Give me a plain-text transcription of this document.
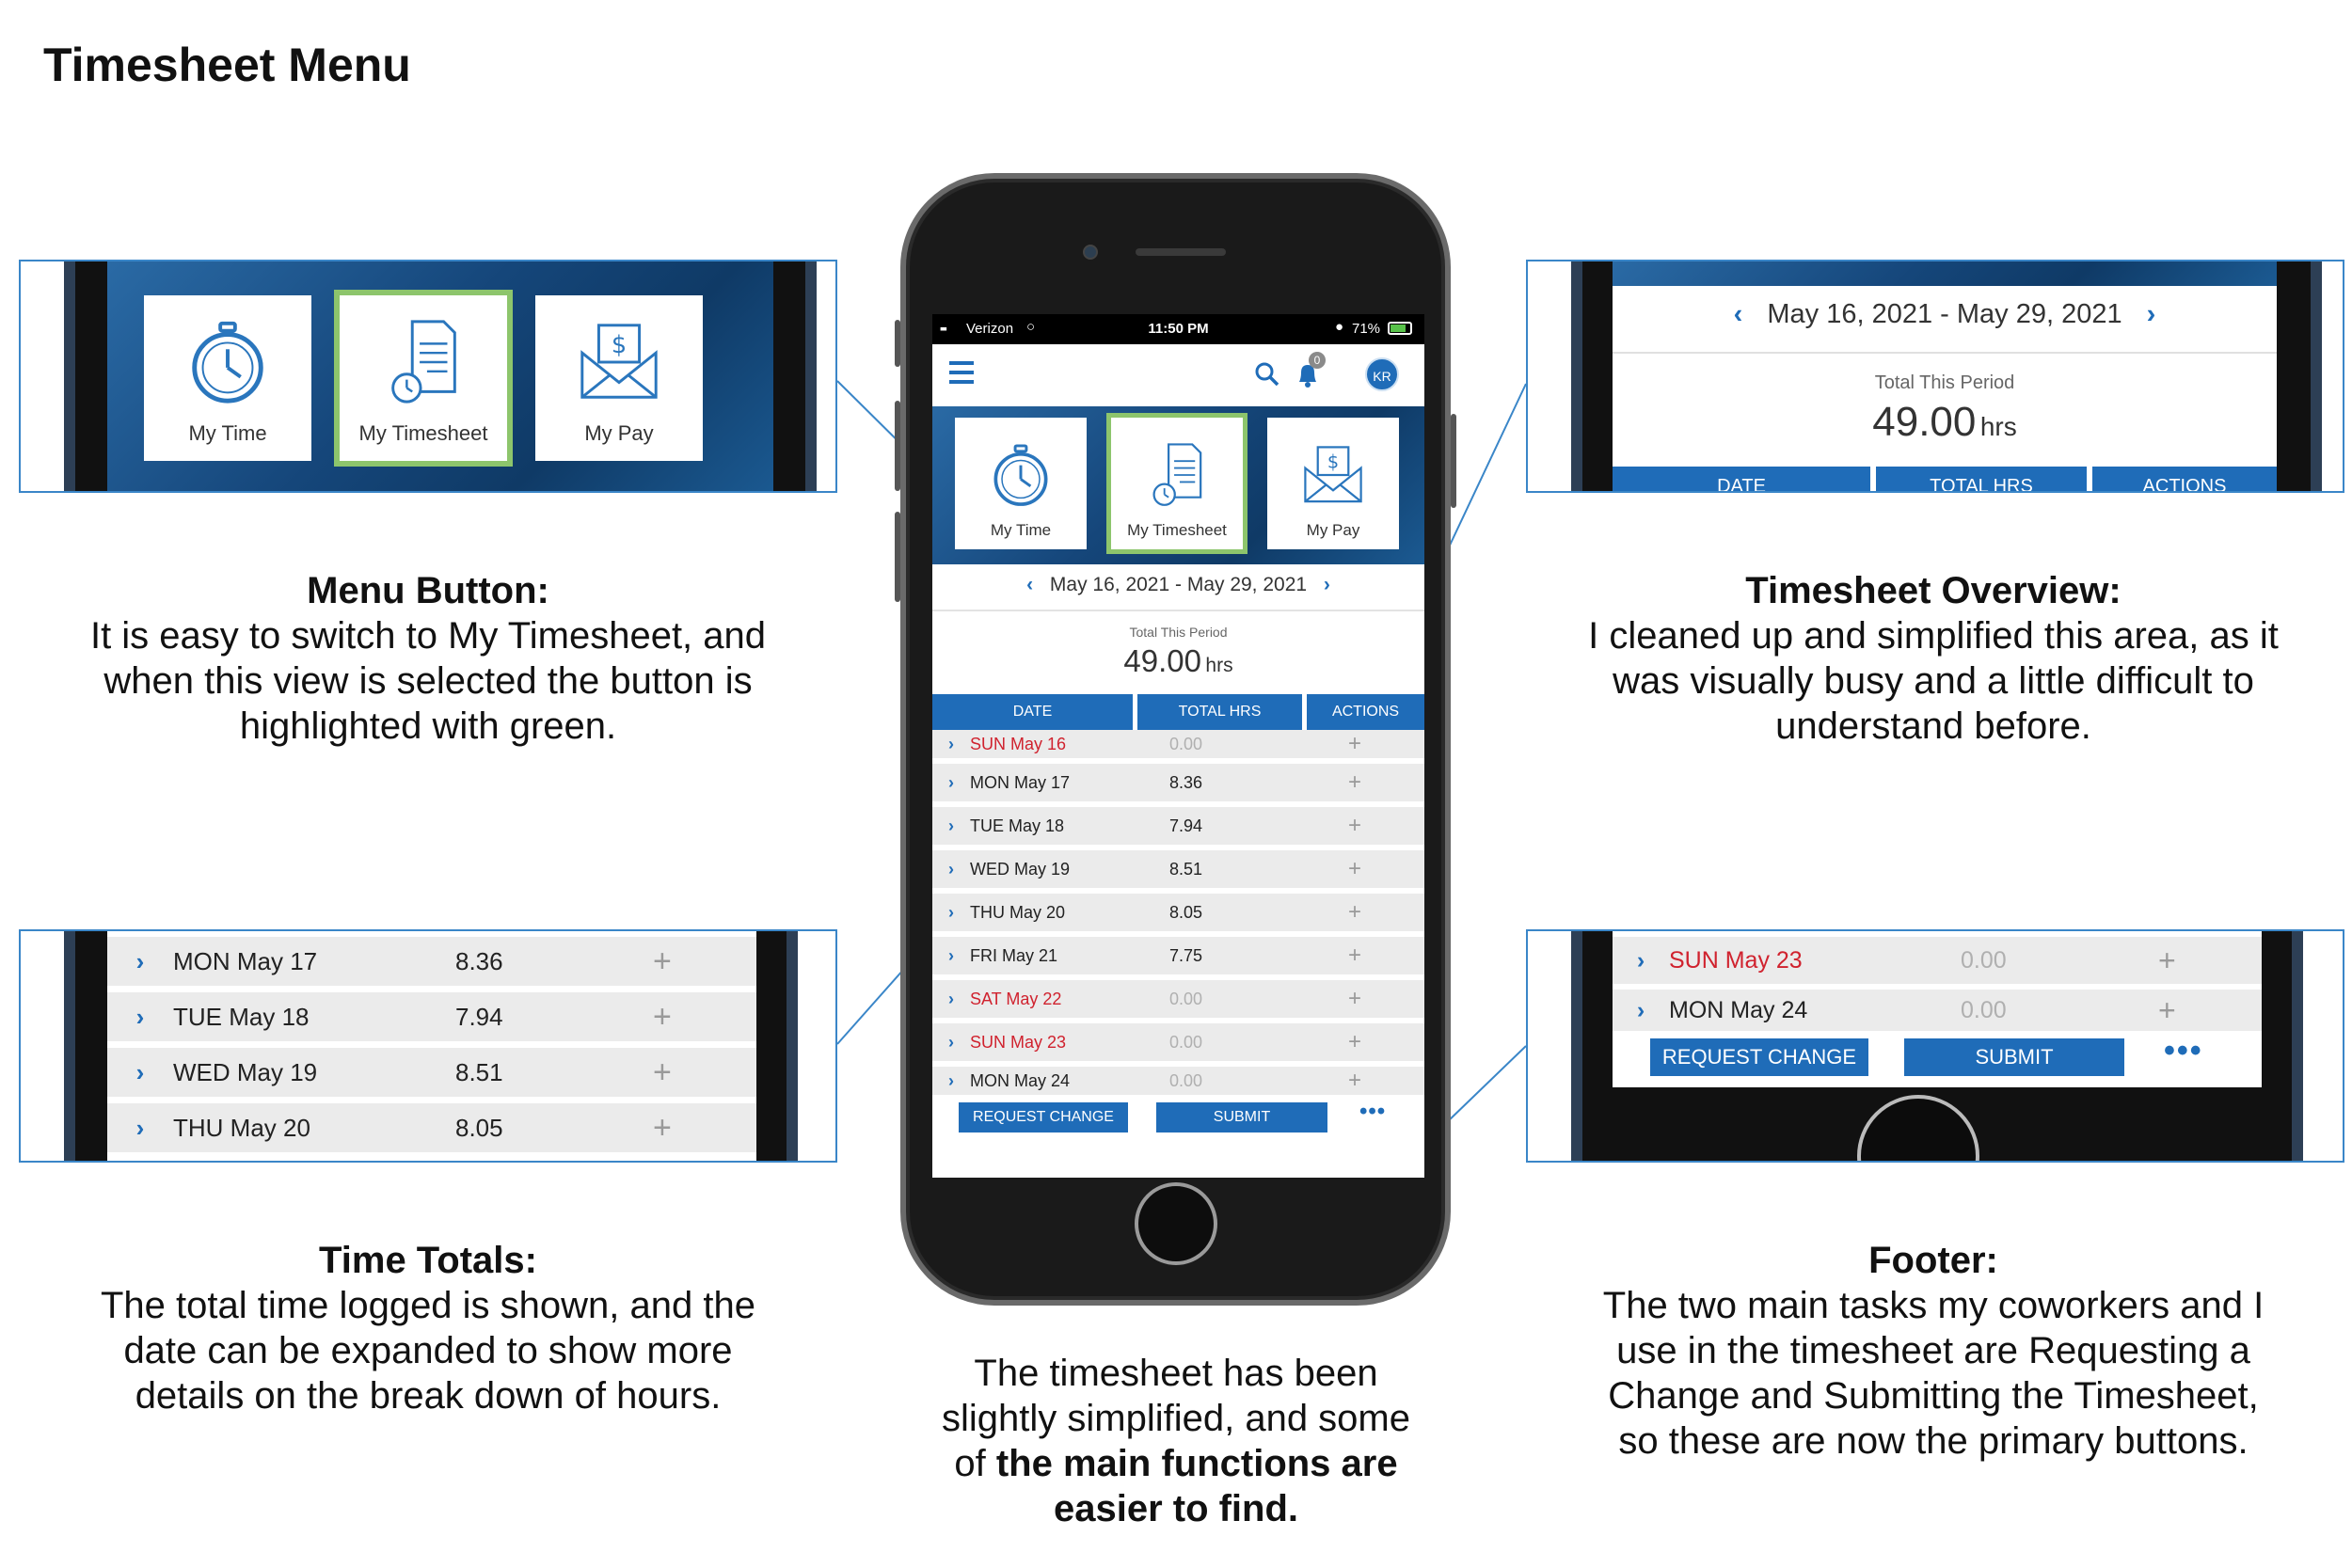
Timesheet Menu
My Time	My Timesheet
$
My Pay
‹ May 16, 2021 - May 29, 2021 ›
Total This Period
49.00 hrs
DATE	TOTAL HRS	ACTIONS
›	MON May 17	8.36	+
›	TUE May 18	7.94	+
›	WED May 19	8.51	+
›	THU May 20	8.05	+
›	SUN May 23	0.00	+
›	MON May 24	0.00	+
REQUEST CHANGE	SUBMIT	•••
Menu Button:
It is easy to switch to My Timesheet, and
when this view is selected the button is
highlighted with green.
Timesheet Overview:
I cleaned up and simplified this area, as it
was visually busy and a little difficult to
understand before.
Time Totals:
The total time logged is shown, and the
date can be expanded to show more
details on the break down of hours.
Footer:
The two main tasks my coworkers and I
use in the timesheet are Requesting a
Change and Submitting the Timesheet,
so these are now the primary buttons.
The timesheet has been
slightly simplified, and some
of the main functions are
easier to find.
▪▪ Verizon ○	11:50 PM	● 71%
0
KR
My Time	My Timesheet
$
My Pay
‹ May 16, 2021 - May 29, 2021 ›
Total This Period
49.00 hrs
DATE	TOTAL HRS	ACTIONS
› SUN May 16	0.00	+
› MON May 17	8.36	+
› TUE May 18	7.94	+
› WED May 19	8.51	+
› THU May 20	8.05	+
› FRI May 21	7.75	+
› SAT May 22	0.00	+
› SUN May 23	0.00	+
› MON May 24	0.00	+
REQUEST CHANGE	SUBMIT	•••
